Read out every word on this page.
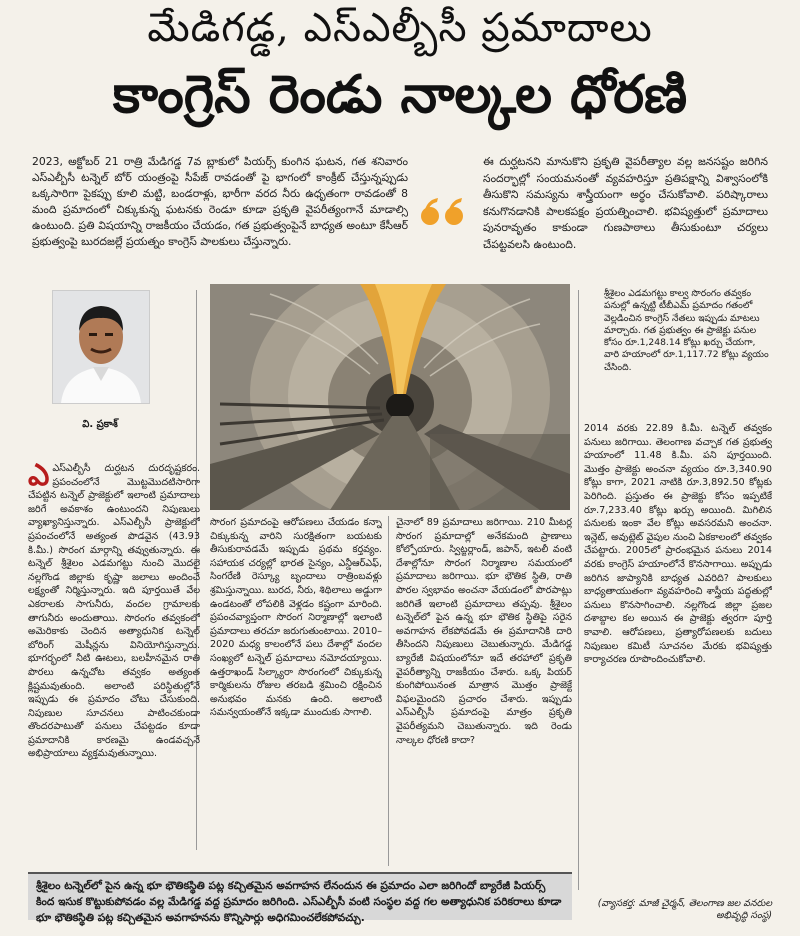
మేడిగడ్డ, ఎస్ఎల్బీసీ ప్రమాదాలు
కాంగ్రెస్ రెండు నాల్కల ధోరణి
2023, అక్టోబర్ 21 రాత్రి మేడిగడ్డ 7వ బ్లాకులో పియర్స్ కుంగిన ఘటన, గత శనివారం ఎస్ఎల్బీసీ టన్నెల్ బోర్ యంత్రంపై సీపేజ్ రావడంతో పై భాగంలో కాంక్రీట్ చేస్తున్నప్పుడు ఒక్కసారిగా పైకప్పు కూలి మట్టి, బండరాళ్లు, భారీగా వరద నీరు ఉధృతంగా రావడంతో 8 మంది ప్రమాదంలో చిక్కుకున్న ఘటనకు రెండూ కూడా ప్రకృతి వైపరీత్యంగానే మాడాల్సి ఉంటుంది. ప్రతి విషయాన్ని రాజకీయం చేయడం, గత ప్రభుత్వంపైనే బాధ్యత అంటూ కేసీఆర్ ప్రభుత్వంపై బురదజల్లే ప్రయత్నం కాంగ్రెస్ పాలకులు చేస్తున్నారు.
ఈ దుర్ఘటనని మానుకొని ప్రకృతి వైపరీత్యాల వల్ల జనసష్టం జరిగిన సందర్భాల్లో సంయమనంతో వ్యవహరిస్తూ ప్రతిపక్షాన్ని విశ్వాసంలోకి తీసుకొని సమస్యను శాస్త్రీయంగా అర్థం చేసుకోవాలి. పరిష్కారాలు కనుగొనడానికి పాలకపక్షం ప్రయత్నించాలి. భవిష్యత్తులో ప్రమాదాలు పునరావృతం కాకుండా గుణపాఠాలు తీసుకుంటూ చర్యలు చేపట్టవలసి ఉంటుంది.
వి. ప్రకాశ్
శ్రీశైలం ఎడమగట్టు కాల్వ సొరంగం తవ్వకం పనుల్లో ఉన్నట్టి టీబీఎమ్ ప్రమాదం గతంలో వెల్లడించిన కాంగ్రెస్ నేతలు ఇప్పుడు మాటలు మార్చారు. గత ప్రభుత్వం ఈ ప్రాజెక్టు పనుల కోసం రూ.1,248.14 కోట్లు ఖర్చు చేయగా, వారి హయాంలో రూ.1,117.72 కోట్లు వ్యయం చేసింది.
ఎఎస్ఎల్బీసీ దుర్ఘటన దురదృష్టకరం. ప్రపంచంలోనే మొట్టమొదటిసారిగా చేపట్టిన టన్నెల్ ప్రాజెక్టులో ఇలాంటి ప్రమాదాలు జరిగే అవకాశం ఉంటుందని నిపుణులు వ్యాఖ్యానిస్తున్నారు. ఎస్ఎల్బీసీ ప్రాజెక్టులో ప్రపంచంలోనే అత్యంత పొడవైన (43.93 కి.మీ.) సొరంగ మార్గాన్ని తవ్వుతున్నారు. ఈ టన్నెల్ శ్రీశైలం ఎడమగట్టు నుంచి మొదలై నల్లగొండ జిల్లాకు కృష్ణా జలాలు అందించే లక్ష్యంతో నిర్మిస్తున్నారు. ఇది పూర్తయితే వేల ఎకరాలకు సాగునీరు, వందల గ్రామాలకు తాగునీరు అందుతాయి. సొరంగం తవ్వకంలో అమెరికాకు చెందిన అత్యాధునిక టన్నెల్ బోరింగ్ మెషీన్లను వినియోగిస్తున్నారు. భూగర్భంలో నీటి ఊటలు, బలహీనమైన రాతి పొరలు ఉన్నచోట తవ్వకం అత్యంత క్లిష్టమవుతుంది. అలాంటి పరిస్థితుల్లోనే ఇప్పుడు ఈ ప్రమాదం చోటు చేసుకుంది. నిపుణుల సూచనలు పాటించకుండా తొందరపాటుతో పనులు చేపట్టడం కూడా ప్రమాదానికి కారణమై ఉండవచ్చనే అభిప్రాయాలు వ్యక్తమవుతున్నాయి.
సొరంగ ప్రమాదంపై ఆరోపణలు చేయడం కన్నా చిక్కుకున్న వారిని సురక్షితంగా బయటకు తీసుకురావడమే ఇప్పుడు ప్రథమ కర్తవ్యం. సహాయక చర్యల్లో భారత సైన్యం, ఎన్డీఆర్ఎఫ్, సింగరేణి రెస్క్యూ బృందాలు రాత్రింబవళ్లు శ్రమిస్తున్నాయి. బురద, నీరు, శిథిలాలు అడ్డుగా ఉండటంతో లోపలికి వెళ్లడం కష్టంగా మారింది. ప్రపంచవ్యాప్తంగా సొరంగ నిర్మాణాల్లో ఇలాంటి ప్రమాదాలు తరచూ జరుగుతుంటాయి. 2010–2020 మధ్య కాలంలోనే పలు దేశాల్లో వందల సంఖ్యలో టన్నెల్ ప్రమాదాలు నమోదయ్యాయి. ఉత్తరాఖండ్ సిల్క్యారా సొరంగంలో చిక్కుకున్న కార్మికులను రోజుల తరబడి శ్రమించి రక్షించిన అనుభవం మనకు ఉంది. అలాంటి సమన్వయంతోనే ఇక్కడా ముందుకు సాగాలి.
చైనాలో 89 ప్రమాదాలు జరిగాయి. 210 మీటర్ల సొరంగ ప్రమాదాల్లో అనేకమంది ప్రాణాలు కోల్పోయారు. స్విట్జర్లాండ్, జపాన్, ఇటలీ వంటి దేశాల్లోనూ సొరంగ నిర్మాణాల సమయంలో ప్రమాదాలు జరిగాయి. భూ భౌతిక స్థితి, రాతి పొరల స్వభావం అంచనా వేయడంలో పొరపాట్లు జరిగితే ఇలాంటి ప్రమాదాలు తప్పవు. శ్రీశైలం టన్నెల్‌లో పైన ఉన్న భూ భౌతిక స్థితిపై సరైన అవగాహన లేకపోవడమే ఈ ప్రమాదానికి దారి తీసిందని నిపుణులు చెబుతున్నారు. మేడిగడ్డ బ్యారేజీ విషయంలోనూ ఇదే తరహాలో ప్రకృతి వైపరీత్యాన్ని రాజకీయం చేశారు. ఒక్క పియర్ కుంగిపోయినంత మాత్రాన మొత్తం ప్రాజెక్టే విఫలమైందని ప్రచారం చేశారు. ఇప్పుడు ఎస్ఎల్బీసీ ప్రమాదంపై మాత్రం ప్రకృతి వైపరీత్యమని చెబుతున్నారు. ఇది రెండు నాల్కల ధోరణి కాదా?
2014 వరకు 22.89 కి.మీ. టన్నెల్ తవ్వకం పనులు జరిగాయి. తెలంగాణ వచ్చాక గత ప్రభుత్వ హయాంలో 11.48 కి.మీ. పని పూర్తయింది. మొత్తం ప్రాజెక్టు అంచనా వ్యయం రూ.3,340.90 కోట్లు కాగా, 2021 నాటికి రూ.3,892.50 కోట్లకు పెరిగింది. ప్రస్తుతం ఈ ప్రాజెక్టు కోసం ఇప్పటికే రూ.7,233.40 కోట్లు ఖర్చు అయింది. మిగిలిన పనులకు ఇంకా వేల కోట్లు అవసరమని అంచనా. ఇన్లెట్, అవుట్లెట్ వైపుల నుంచి ఏకకాలంలో తవ్వకం చేపట్టారు. 2005లో ప్రారంభమైన పనులు 2014 వరకు కాంగ్రెస్ హయాంలోనే కొనసాగాయి. అప్పుడు జరిగిన జాప్యానికి బాధ్యత ఎవరిది? పాలకులు బాధ్యతాయుతంగా వ్యవహరించి శాస్త్రీయ పద్ధతుల్లో పనులు కొనసాగించాలి. నల్లగొండ జిల్లా ప్రజల దశాబ్దాల కల అయిన ఈ ప్రాజెక్టు త్వరగా పూర్తి కావాలి. ఆరోపణలు, ప్రత్యారోపణలకు బదులు నిపుణుల కమిటీ సూచనల మేరకు భవిష్యత్తు కార్యాచరణ రూపొందించుకోవాలి.
శ్రీశైలం టన్నెల్‌లో పైన ఉన్న భూ భౌతికస్థితి పట్ల కచ్చితమైన అవగాహన లేనందున ఈ ప్రమాదం ఎలా జరిగిందో బ్యారేజీ పియర్స్ కింద ఇసుక కొట్టుకుపోవడం వల్ల మేడిగడ్డ వద్ద ప్రమాదం జరిగింది. ఎస్ఎల్బీసీ వంటి సంస్థల వద్ద గల అత్యాధునిక పరికరాలు కూడా భూ భౌతికస్థితి పట్ల కచ్చితమైన అవగాహనను కొన్నిసార్లు అధిగమించలేకపోవచ్చు.
(వ్యాసకర్త: మాజీ చైర్మన్, తెలంగాణ జల వనరుల అభివృద్ధి సంస్థ)
